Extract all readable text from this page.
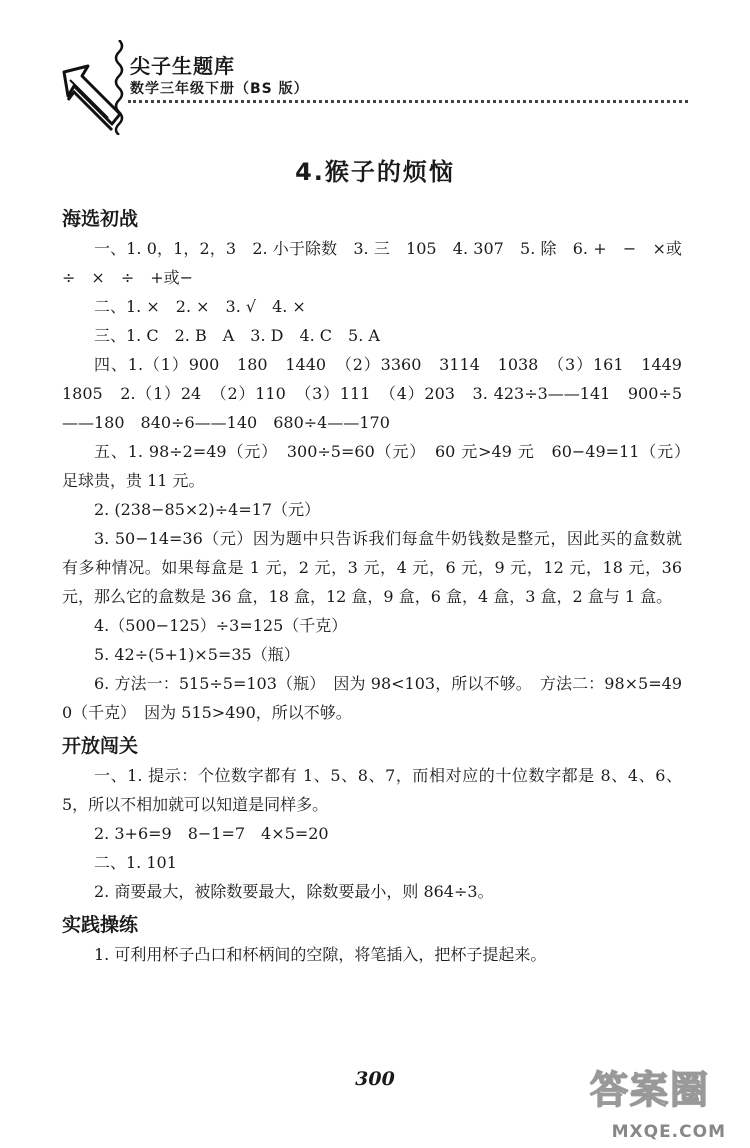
尖子生题库
数学三年级下册（BS 版）
4.猴子的烦恼
海选初战

一、1. 0，1，2，3　2. 小于除数　3. 三　105　4. 307　5. 除　6. +　−　×或÷　×　÷　+或−

二、1. ×　2. ×　3. √　4. ×

三、1. C　2. B　A　3. D　4. C　5. A

四、1.（1）900　180　1440　（2）3360　3114　1038　（3）161　1449　1805　2.（1）24　（2）110　（3）111　（4）203　3. 423÷3——141　900÷5——180　840÷6——140　680÷4——170

五、1. 98÷2=49（元）　300÷5=60（元）　60 元>49 元　60−49=11（元）　足球贵，贵 11 元。

2. (238−85×2)÷4=17（元）

3. 50−14=36（元）因为题中只告诉我们每盒牛奶钱数是整元，因此买的盒数就有多种情况。如果每盒是 1 元，2 元，3 元，4 元，6 元，9 元，12 元，18 元，36 元，那么它的盒数是 36 盒，18 盒，12 盒，9 盒，6 盒，4 盒，3 盒，2 盒与 1 盒。

4.（500−125）÷3=125（千克）

5. 42÷(5+1)×5=35（瓶）

6. 方法一：515÷5=103（瓶）　因为 98<103，所以不够。　方法二：98×5=490（千克）　因为 515>490，所以不够。

开放闯关

一、1. 提示：个位数字都有 1、5、8、7，而相对应的十位数字都是 8、4、6、5，所以不相加就可以知道是同样多。

2. 3+6=9　8−1=7　4×5=20

二、1. 101

2. 商要最大，被除数要最大，除数要最小，则 864÷3。

实践操练

1. 可利用杯子凸口和杯柄间的空隙，将笔插入，把杯子提起来。

300	答案圈
MXQE.COM
